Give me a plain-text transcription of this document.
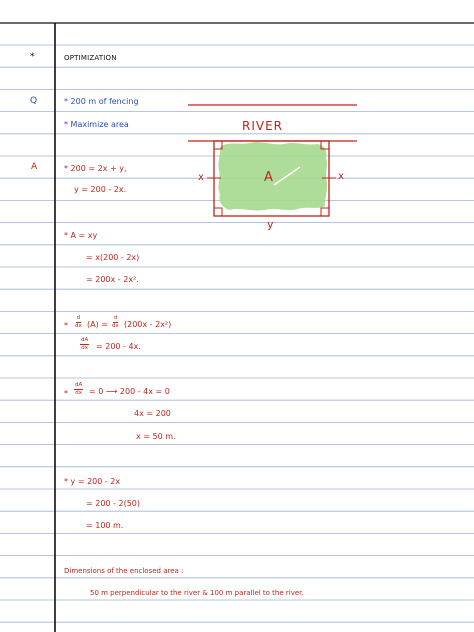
*	OPTIMIZATION
Q	* 200 m of fencing
* Maximize area
A	* 200 = 2x + y,
y = 200 - 2x.
* A = xy
= x(200 - 2x)
= 200x - 2x².
* $\frac{d}{dx} (A) = \frac{d}{dx} (200x - 2x^2)$
$\frac{dA}{dx} = 200 - 4x$.
* $\frac{dA}{dx} = 0$ ⟶ 200 - 4x = 0
4x = 200
x = 50 m.
* y = 200 - 2x
= 200 - 2(50)
= 100 m.
Dimensions of the enclosed area :
50 m perpendicular to the river & 100 m parallel to the river.
RIVER
x	x
y
A
